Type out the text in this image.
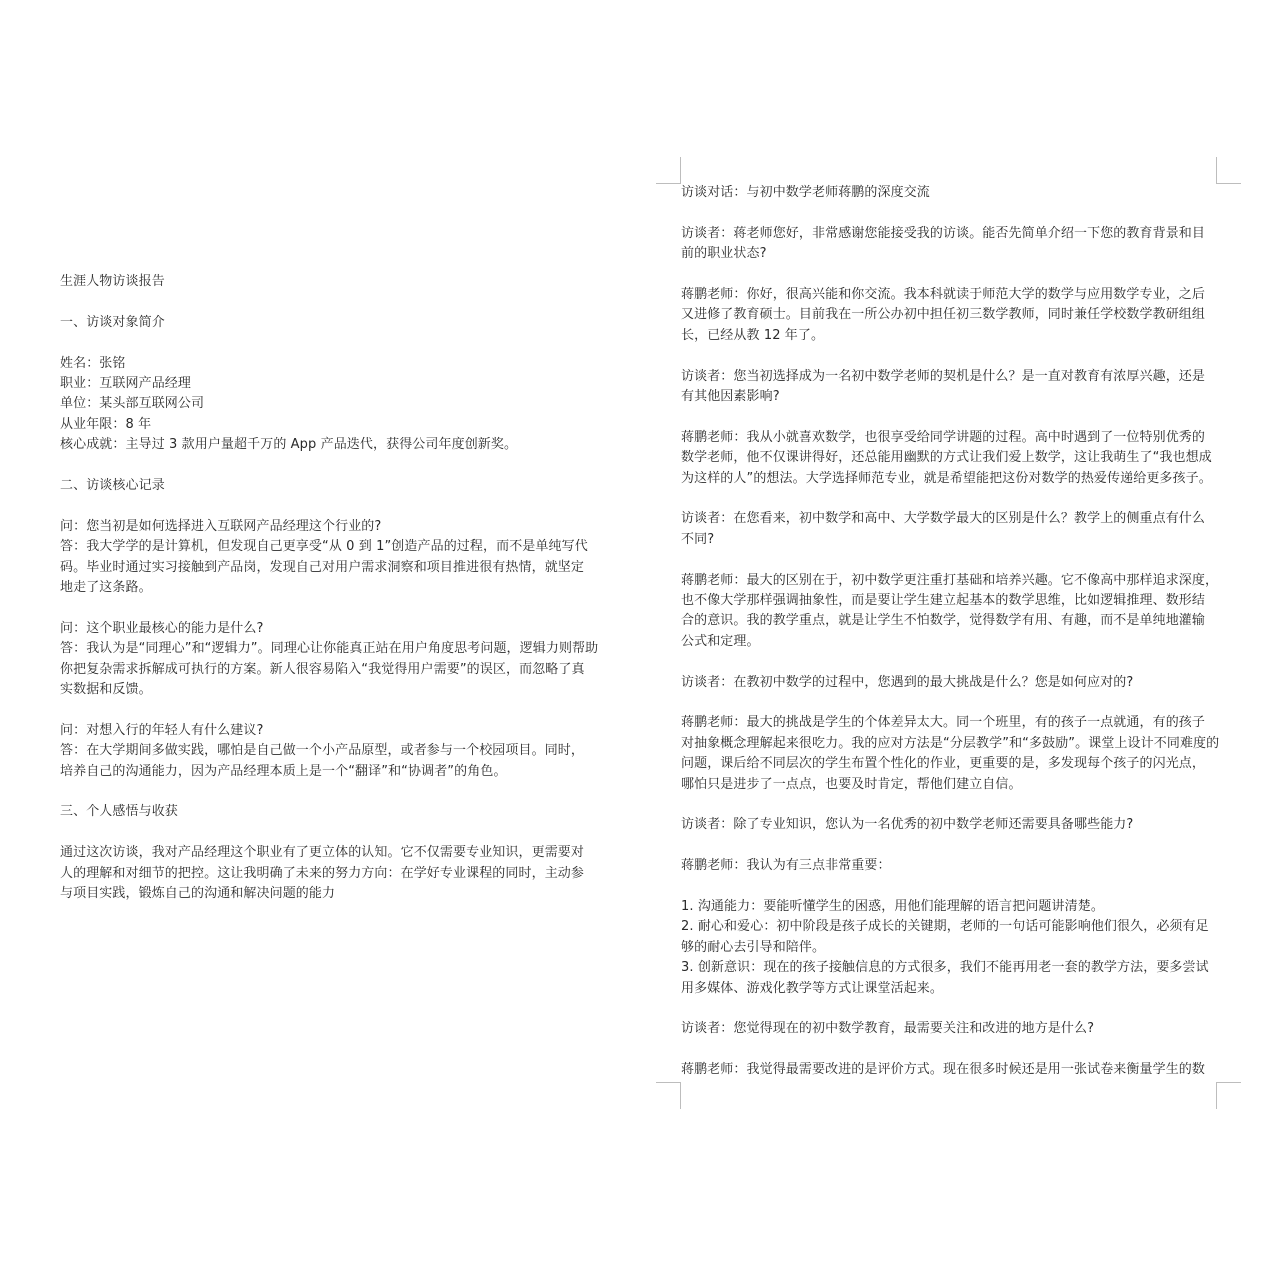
生涯人物访谈报告
一、访谈对象简介
姓名：张铭
职业：互联网产品经理
单位：某头部互联网公司
从业年限：8 年
核心成就：主导过 3 款用户量超千万的 App 产品迭代，获得公司年度创新奖。
二、访谈核心记录
问：您当初是如何选择进入互联网产品经理这个行业的?
答：我大学学的是计算机，但发现自己更享受“从 0 到 1”创造产品的过程，而不是单纯写代
码。毕业时通过实习接触到产品岗，发现自己对用户需求洞察和项目推进很有热情，就坚定
地走了这条路。
问：这个职业最核心的能力是什么?
答：我认为是“同理心”和“逻辑力”。同理心让你能真正站在用户角度思考问题，逻辑力则帮助
你把复杂需求拆解成可执行的方案。新人很容易陷入“我觉得用户需要”的误区，而忽略了真
实数据和反馈。
问：对想入行的年轻人有什么建议?
答：在大学期间多做实践，哪怕是自己做一个小产品原型，或者参与一个校园项目。同时，
培养自己的沟通能力，因为产品经理本质上是一个“翻译”和“协调者”的角色。
三、个人感悟与收获
通过这次访谈，我对产品经理这个职业有了更立体的认知。它不仅需要专业知识，更需要对
人的理解和对细节的把控。这让我明确了未来的努力方向：在学好专业课程的同时，主动参
与项目实践，锻炼自己的沟通和解决问题的能力
访谈对话：与初中数学老师蒋鹏的深度交流
访谈者：蒋老师您好，非常感谢您能接受我的访谈。能否先简单介绍一下您的教育背景和目
前的职业状态?
蒋鹏老师：你好，很高兴能和你交流。我本科就读于师范大学的数学与应用数学专业，之后
又进修了教育硕士。目前我在一所公办初中担任初三数学教师，同时兼任学校数学教研组组
长，已经从教 12 年了。
访谈者：您当初选择成为一名初中数学老师的契机是什么？是一直对教育有浓厚兴趣，还是
有其他因素影响?
蒋鹏老师：我从小就喜欢数学，也很享受给同学讲题的过程。高中时遇到了一位特别优秀的
数学老师，他不仅课讲得好，还总能用幽默的方式让我们爱上数学，这让我萌生了“我也想成
为这样的人”的想法。大学选择师范专业，就是希望能把这份对数学的热爱传递给更多孩子。
访谈者：在您看来，初中数学和高中、大学数学最大的区别是什么？教学上的侧重点有什么
不同?
蒋鹏老师：最大的区别在于，初中数学更注重打基础和培养兴趣。它不像高中那样追求深度，
也不像大学那样强调抽象性，而是要让学生建立起基本的数学思维，比如逻辑推理、数形结
合的意识。我的教学重点，就是让学生不怕数学，觉得数学有用、有趣，而不是单纯地灌输
公式和定理。
访谈者：在教初中数学的过程中，您遇到的最大挑战是什么？您是如何应对的?
蒋鹏老师：最大的挑战是学生的个体差异太大。同一个班里，有的孩子一点就通，有的孩子
对抽象概念理解起来很吃力。我的应对方法是“分层教学”和“多鼓励”。课堂上设计不同难度的
问题，课后给不同层次的学生布置个性化的作业，更重要的是，多发现每个孩子的闪光点，
哪怕只是进步了一点点，也要及时肯定，帮他们建立自信。
访谈者：除了专业知识，您认为一名优秀的初中数学老师还需要具备哪些能力?
蒋鹏老师：我认为有三点非常重要：
1. 沟通能力：要能听懂学生的困惑，用他们能理解的语言把问题讲清楚。
2. 耐心和爱心：初中阶段是孩子成长的关键期，老师的一句话可能影响他们很久，必须有足
够的耐心去引导和陪伴。
3. 创新意识：现在的孩子接触信息的方式很多，我们不能再用老一套的教学方法，要多尝试
用多媒体、游戏化教学等方式让课堂活起来。
访谈者：您觉得现在的初中数学教育，最需要关注和改进的地方是什么?
蒋鹏老师：我觉得最需要改进的是评价方式。现在很多时候还是用一张试卷来衡量学生的数
